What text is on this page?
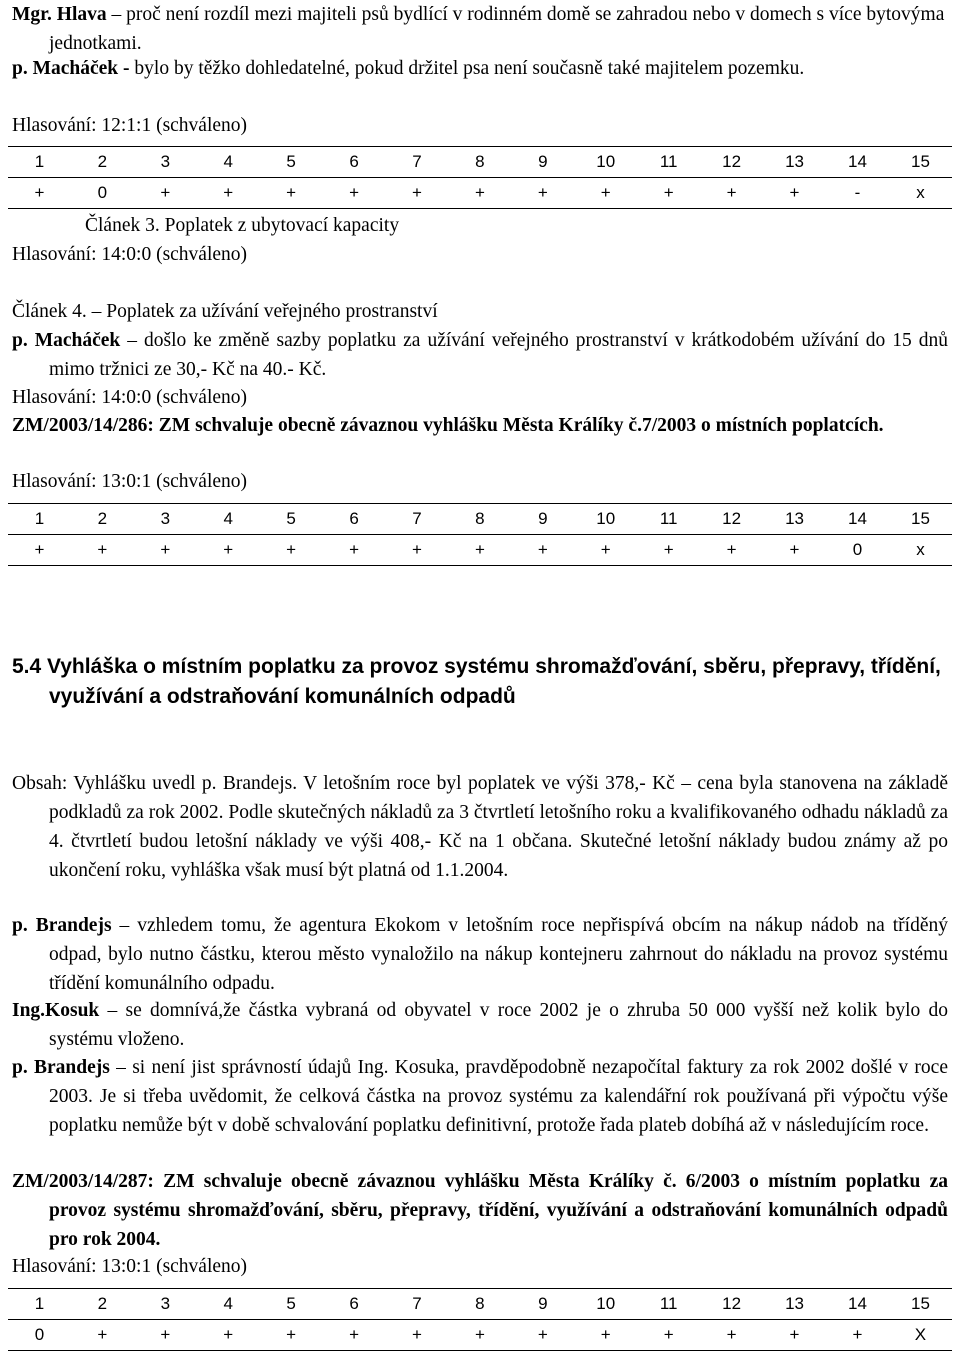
Mgr. Hlava – proč není rozdíl mezi majiteli psů bydlící v rodinném domě se zahradou nebo v domech s více bytovýma jednotkami.

p. Macháček - bylo by těžko dohledatelné, pokud držitel psa není současně také majitelem pozemku.

Hlasování: 12:1:1 (schváleno)

1	2	3	4	5	6	7	8	9	10	11	12	13	14	15
+	0	+	+	+	+	+	+	+	+	+	+	+	-	x

Článek 3. Poplatek z ubytovací kapacity

Hlasování: 14:0:0 (schváleno)

Článek 4. – Poplatek za užívání veřejného prostranství

p. Macháček – došlo ke změně sazby poplatku za užívání veřejného prostranství v krátkodobém užívání do 15 dnů mimo tržnici ze 30,- Kč na 40.- Kč.

Hlasování: 14:0:0 (schváleno)

ZM/2003/14/286: ZM schvaluje obecně závaznou vyhlášku Města Králíky č.7/2003 o místních poplatcích.

Hlasování: 13:0:1 (schváleno)

1	2	3	4	5	6	7	8	9	10	11	12	13	14	15
+	+	+	+	+	+	+	+	+	+	+	+	+	0	x
5.4 Vyhláška o místním poplatku za provoz systému shromažďování, sběru, přepravy, třídění, využívání a odstraňování komunálních odpadů

Obsah: Vyhlášku uvedl p. Brandejs. V letošním roce byl poplatek ve výši 378,- Kč – cena byla stanovena na základě podkladů za rok 2002. Podle skutečných nákladů za 3 čtvrtletí letošního roku a kvalifikovaného odhadu nákladů za 4. čtvrtletí budou letošní náklady ve výši 408,- Kč na 1 občana. Skutečné letošní náklady budou známy až po ukončení roku, vyhláška však musí být platná od 1.1.2004.

p. Brandejs – vzhledem tomu, že agentura Ekokom v letošním roce nepřispívá obcím na nákup nádob na tříděný odpad, bylo nutno částku, kterou město vynaložilo na nákup kontejneru zahrnout do nákladu na provoz systému třídění komunálního odpadu.

Ing.Kosuk – se domnívá,že částka vybraná od obyvatel v roce 2002 je o zhruba 50 000 vyšší než kolik bylo do systému vloženo.

p. Brandejs – si není jist správností údajů Ing. Kosuka, pravděpodobně nezapočítal faktury za rok 2002 došlé v roce 2003. Je si třeba uvědomit, že celková částka na provoz systému za kalendářní rok používaná při výpočtu výše poplatku nemůže být v době schvalování poplatku definitivní, protože řada plateb dobíhá až v následujícím roce.

ZM/2003/14/287: ZM schvaluje obecně závaznou vyhlášku Města Králíky č. 6/2003 o místním poplatku za provoz systému shromažďování, sběru, přepravy, třídění, využívání a odstraňování komunálních odpadů pro rok 2004.

Hlasování: 13:0:1 (schváleno)

1	2	3	4	5	6	7	8	9	10	11	12	13	14	15
0	+	+	+	+	+	+	+	+	+	+	+	+	+	X
